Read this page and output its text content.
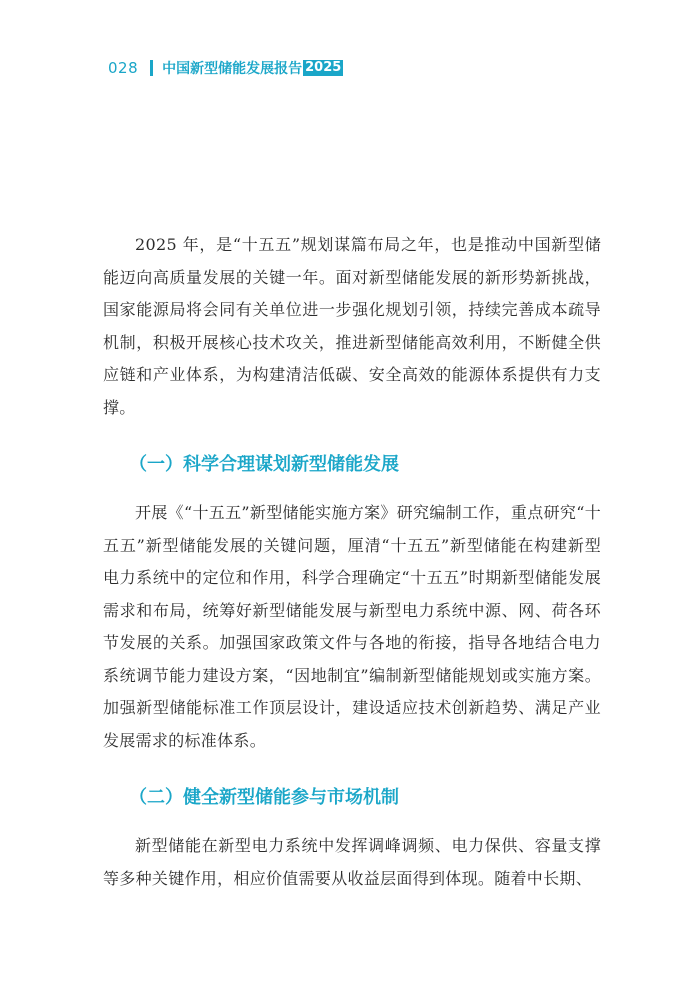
028 中国新型储能发展报告 2025

2025 年，是“十五五”规划谋篇布局之年，也是推动中国新型储能迈向高质量发展的关键一年。面对新型储能发展的新形势新挑战，国家能源局将会同有关单位进一步强化规划引领，持续完善成本疏导机制，积极开展核心技术攻关，推进新型储能高效利用，不断健全供应链和产业体系，为构建清洁低碳、安全高效的能源体系提供有力支撑。

（一）科学合理谋划新型储能发展

开展《“十五五”新型储能实施方案》研究编制工作，重点研究“十五五”新型储能发展的关键问题，厘清“十五五”新型储能在构建新型电力系统中的定位和作用，科学合理确定“十五五”时期新型储能发展需求和布局，统筹好新型储能发展与新型电力系统中源、网、荷各环节发展的关系。加强国家政策文件与各地的衔接，指导各地结合电力系统调节能力建设方案，“因地制宜”编制新型储能规划或实施方案。加强新型储能标准工作顶层设计，建设适应技术创新趋势、满足产业发展需求的标准体系。

（二）健全新型储能参与市场机制

新型储能在新型电力系统中发挥调峰调频、电力保供、容量支撑等多种关键作用，相应价值需要从收益层面得到体现。随着中长期、
